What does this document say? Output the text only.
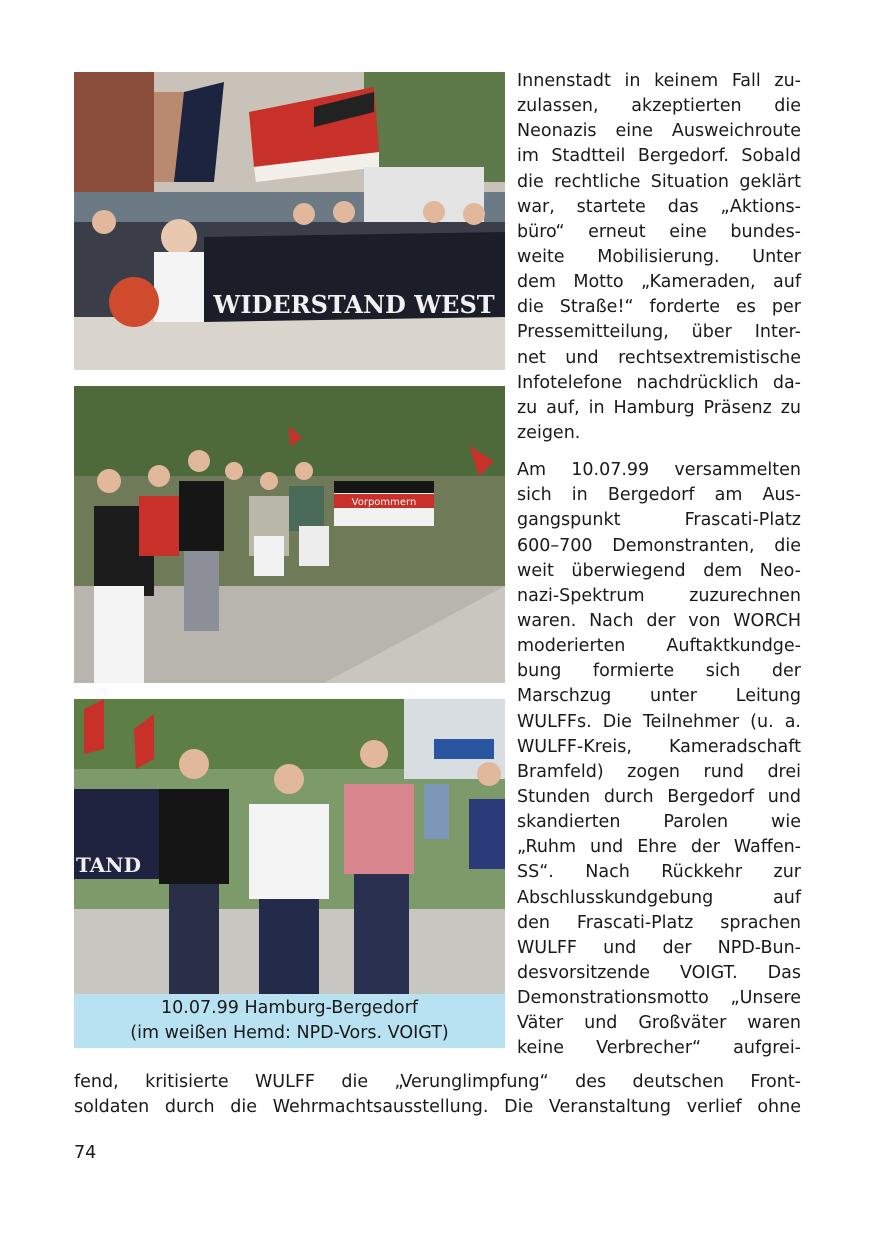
WIDERSTAND WEST
Vorpommern
TAND
10.07.99 Hamburg-Bergedorf
(im weißen Hemd: NPD-Vors. VOIGT)
Innenstadt in keinem Fall zu-
zulassen, akzeptierten die
Neonazis eine Ausweichroute
im Stadtteil Bergedorf. Sobald
die rechtliche Situation geklärt
war, startete das „Aktions-
büro“ erneut eine bundes-
weite Mobilisierung. Unter
dem Motto „Kameraden, auf
die Straße!“ forderte es per
Pressemitteilung, über Inter-
net und rechtsextremistische
Infotelefone nachdrücklich da-
zu auf, in Hamburg Präsenz zu
zeigen.
Am 10.07.99 versammelten
sich in Bergedorf am Aus-
gangspunkt Frascati-Platz
600–700 Demonstranten, die
weit überwiegend dem Neo-
nazi-Spektrum zuzurechnen
waren. Nach der von WORCH
moderierten Auftaktkundge-
bung formierte sich der
Marschzug unter Leitung
WULFFs. Die Teilnehmer (u. a.
WULFF-Kreis, Kameradschaft
Bramfeld) zogen rund drei
Stunden durch Bergedorf und
skandierten Parolen wie
„Ruhm und Ehre der Waffen-
SS“. Nach Rückkehr zur
Abschlusskundgebung auf
den Frascati-Platz sprachen
WULFF und der NPD-Bun-
desvorsitzende VOIGT. Das
Demonstrationsmotto „Unsere
Väter und Großväter waren
keine Verbrecher“ aufgrei-
fend, kritisierte WULFF die „Verunglimpfung“ des deutschen Front-
soldaten durch die Wehrmachtsausstellung. Die Veranstaltung verlief ohne
74
